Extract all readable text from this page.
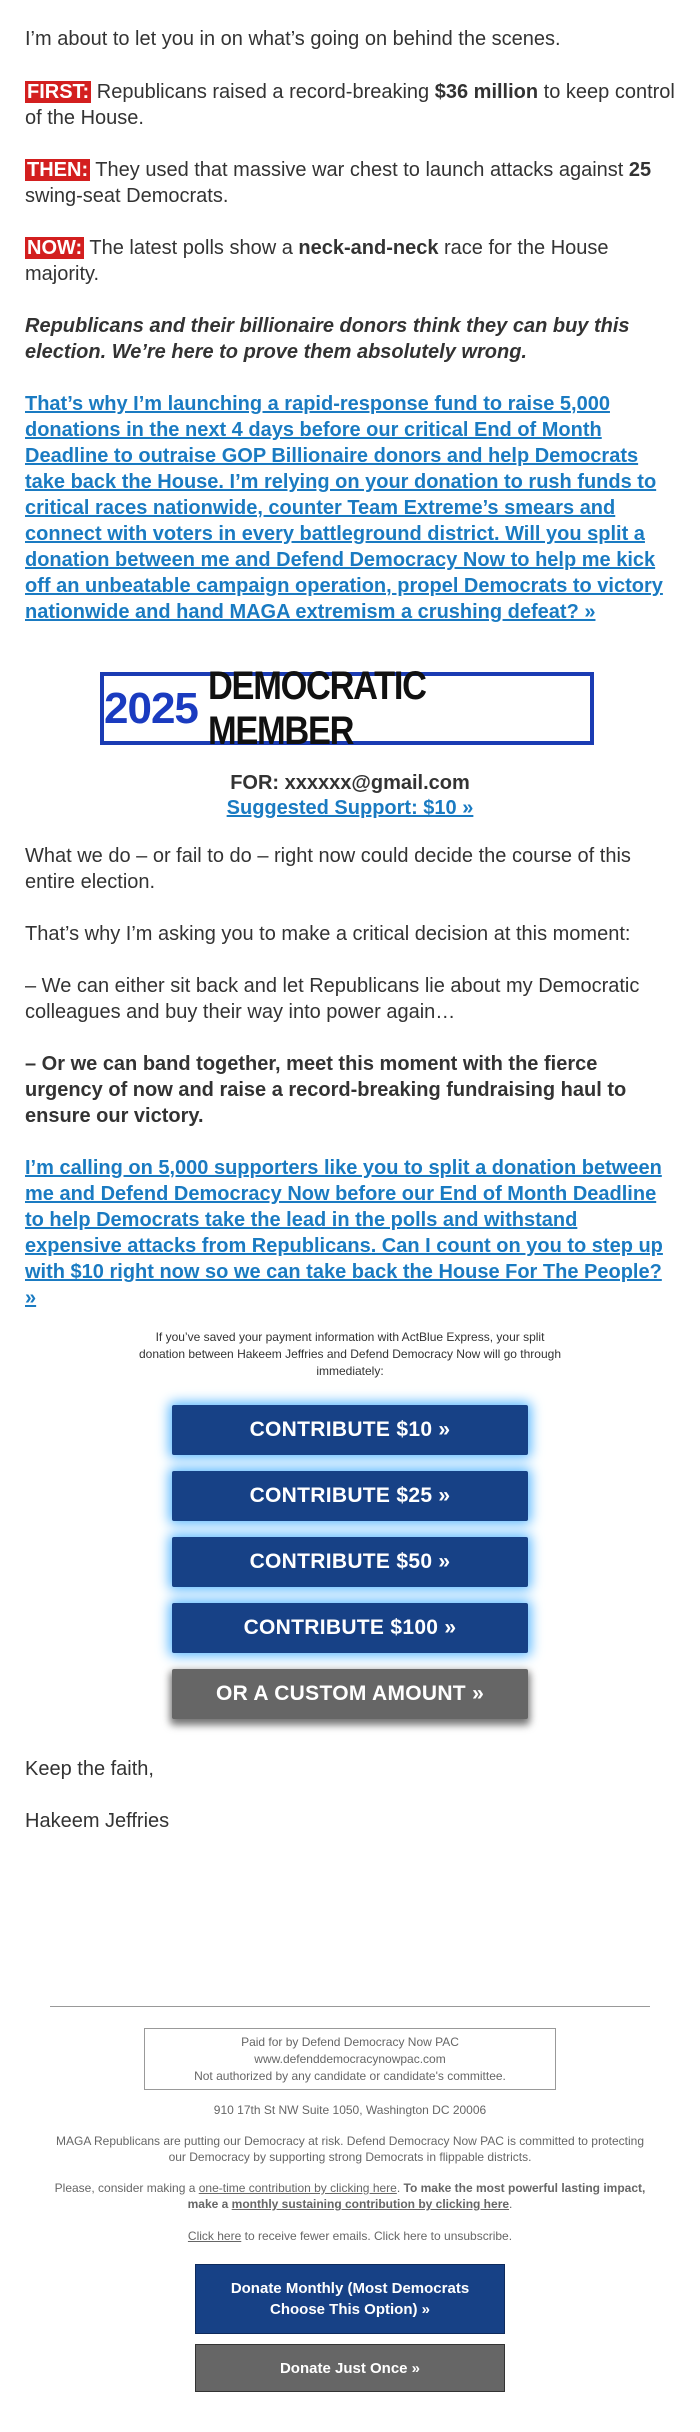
I’m about to let you in on what’s going on behind the scenes.

FIRST: Republicans raised a record-breaking $36 million to keep control of the House.

THEN: They used that massive war chest to launch attacks against 25 swing-seat Democrats.

NOW: The latest polls show a neck-and-neck race for the House majority.

Republicans and their billionaire donors think they can buy this election. We’re here to prove them absolutely wrong.

That’s why I’m launching a rapid-response fund to raise 5,000 donations in the next 4 days before our critical End of Month Deadline to outraise GOP Billionaire donors and help Democrats take back the House. I’m relying on your donation to rush funds to critical races nationwide, counter Team Extreme’s smears and connect with voters in every battleground district. Will you split a donation between me and Defend Democracy Now to help me kick off an unbeatable campaign operation, propel Democrats to victory nationwide and hand MAGA extremism a crushing defeat? »
2025 DEMOCRATIC MEMBER
FOR: xxxxxx@gmail.com
Suggested Support: $10 »

What we do – or fail to do – right now could decide the course of this entire election.

That’s why I’m asking you to make a critical decision at this moment:

– We can either sit back and let Republicans lie about my Democratic colleagues and buy their way into power again…

– Or we can band together, meet this moment with the fierce urgency of now and raise a record-breaking fundraising haul to ensure our victory.

I’m calling on 5,000 supporters like you to split a donation between me and Defend Democracy Now before our End of Month Deadline to help Democrats take the lead in the polls and withstand expensive attacks from Republicans. Can I count on you to step up with $10 right now so we can take back the House For The People? »
If you’ve saved your payment information with ActBlue Express, your split donation between Hakeem Jeffries and Defend Democracy Now will go through immediately:
CONTRIBUTE $10 »
CONTRIBUTE $25 »
CONTRIBUTE $50 »
CONTRIBUTE $100 »
OR A CUSTOM AMOUNT »

Keep the faith,

Hakeem Jeffries

Paid for by Defend Democracy Now PAC
www.defenddemocracynowpac.com
Not authorized by any candidate or candidate's committee.
910 17th St NW Suite 1050, Washington DC 20006
MAGA Republicans are putting our Democracy at risk. Defend Democracy Now PAC is committed to protecting our Democracy by supporting strong Democrats in flippable districts.
Please, consider making a one-time contribution by clicking here. To make the most powerful lasting impact, make a monthly sustaining contribution by clicking here.
Click here to receive fewer emails. Click here to unsubscribe.
Donate Monthly (Most Democrats Choose This Option) »
Donate Just Once »
